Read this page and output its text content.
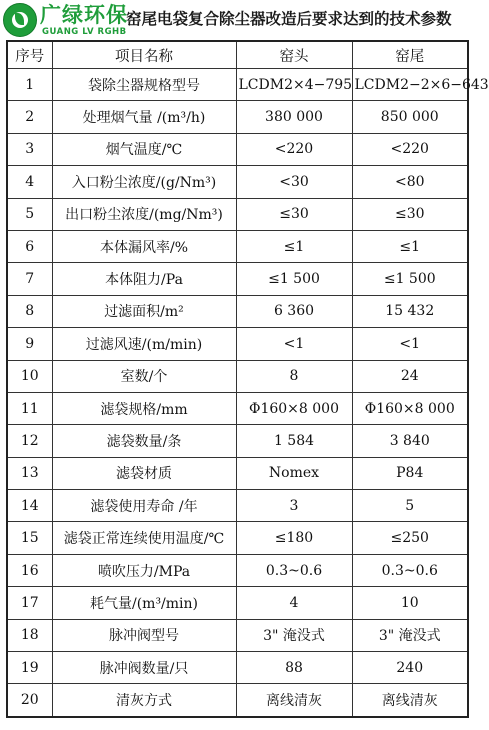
窑尾电袋复合除尘器改造后要求达到的技术参数
广绿环保
GUANG LV RGHB
序号	项目名称	窑头	窑尾
1	袋除尘器规格型号	LCDM2×4−795	LCDM2−2×6−643
2	处理烟气量 /(m³/h)	380 000	850 000
3	烟气温度/℃	<220	<220
4	入口粉尘浓度/(g/Nm³)	<30	<80
5	出口粉尘浓度/(mg/Nm³)	≤30	≤30
6	本体漏风率/%	≤1	≤1
7	本体阻力/Pa	≤1 500	≤1 500
8	过滤面积/m²	6 360	15 432
9	过滤风速/(m/min)	<1	<1
10	室数/个	8	24
11	滤袋规格/mm	Φ160×8 000	Φ160×8 000
12	滤袋数量/条	1 584	3 840
13	滤袋材质	Nomex	P84
14	滤袋使用寿命 /年	3	5
15	滤袋正常连续使用温度/℃	≤180	≤250
16	喷吹压力/MPa	0.3~0.6	0.3~0.6
17	耗气量/(m³/min)	4	10
18	脉冲阀型号	3" 淹没式	3" 淹没式
19	脉冲阀数量/只	88	240
20	清灰方式	离线清灰	离线清灰
